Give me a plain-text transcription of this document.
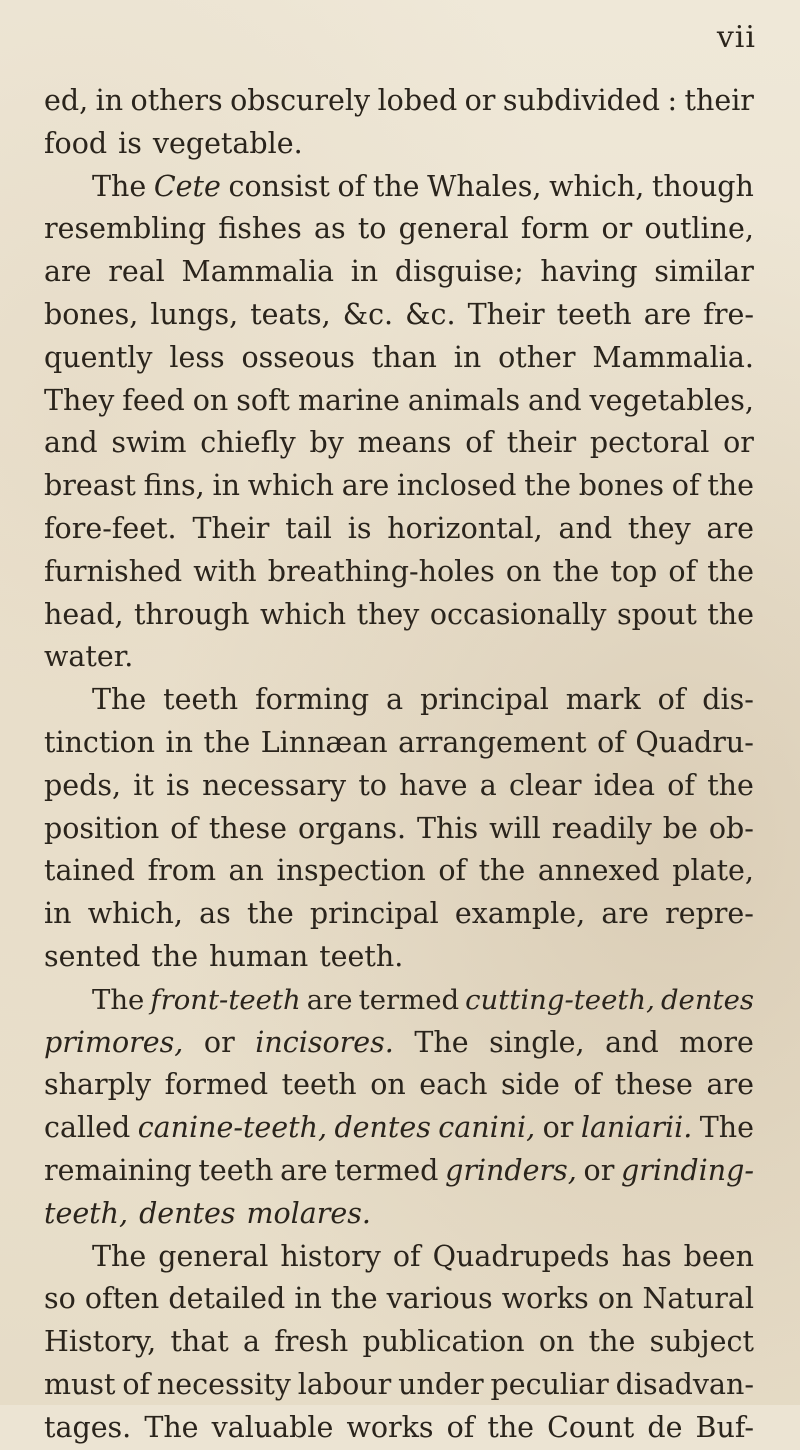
vii
ed, in others obscurely lobed or subdivided : their
food is vegetable.
The Cete consist of the Whales, which, though
resembling fishes as to general form or outline,
are real Mammalia in disguise; having similar
bones, lungs, teats, &c. &c. Their teeth are fre-
quently less osseous than in other Mammalia.
They feed on soft marine animals and vegetables,
and swim chiefly by means of their pectoral or
breast fins, in which are inclosed the bones of the
fore-feet. Their tail is horizontal, and they are
furnished with breathing-holes on the top of the
head, through which they occasionally spout the
water.
The teeth forming a principal mark of dis-
tinction in the Linnæan arrangement of Quadru-
peds, it is necessary to have a clear idea of the
position of these organs. This will readily be ob-
tained from an inspection of the annexed plate,
in which, as the principal example, are repre-
sented the human teeth.
The front-teeth are termed cutting-teeth, dentes
primores, or incisores. The single, and more
sharply formed teeth on each side of these are
called canine-teeth, dentes canini, or laniarii. The
remaining teeth are termed grinders, or grinding-
teeth, dentes molares.
The general history of Quadrupeds has been
so often detailed in the various works on Natural
History, that a fresh publication on the subject
must of necessity labour under peculiar disadvan-
tages. The valuable works of the Count de Buf-
